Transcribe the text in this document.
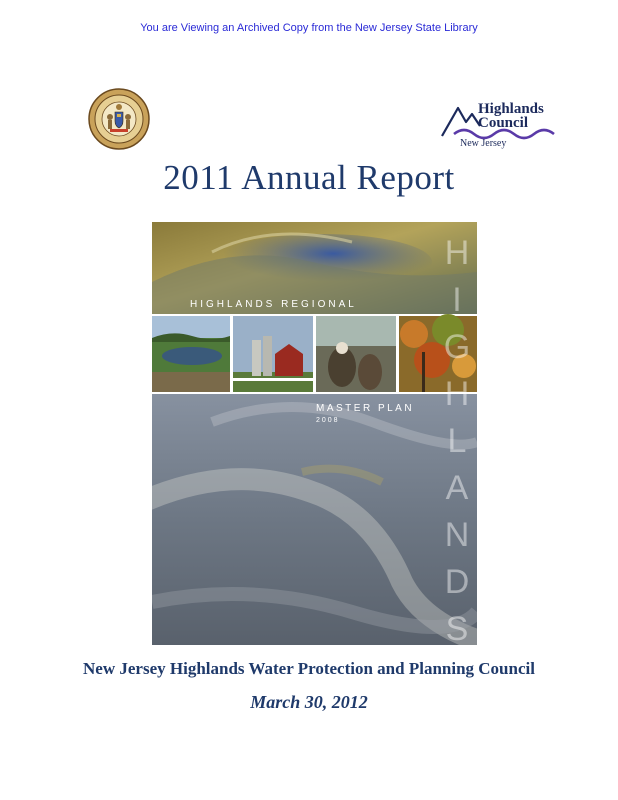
You are Viewing an Archived Copy from the New Jersey State Library
Highlands
Council
New Jersey
2011 Annual Report
H
I
G
H
L
A
N
D
S
HIGHLANDS REGIONAL
MASTER PLAN
2008
New Jersey Highlands Water Protection and Planning Council
March 30, 2012
